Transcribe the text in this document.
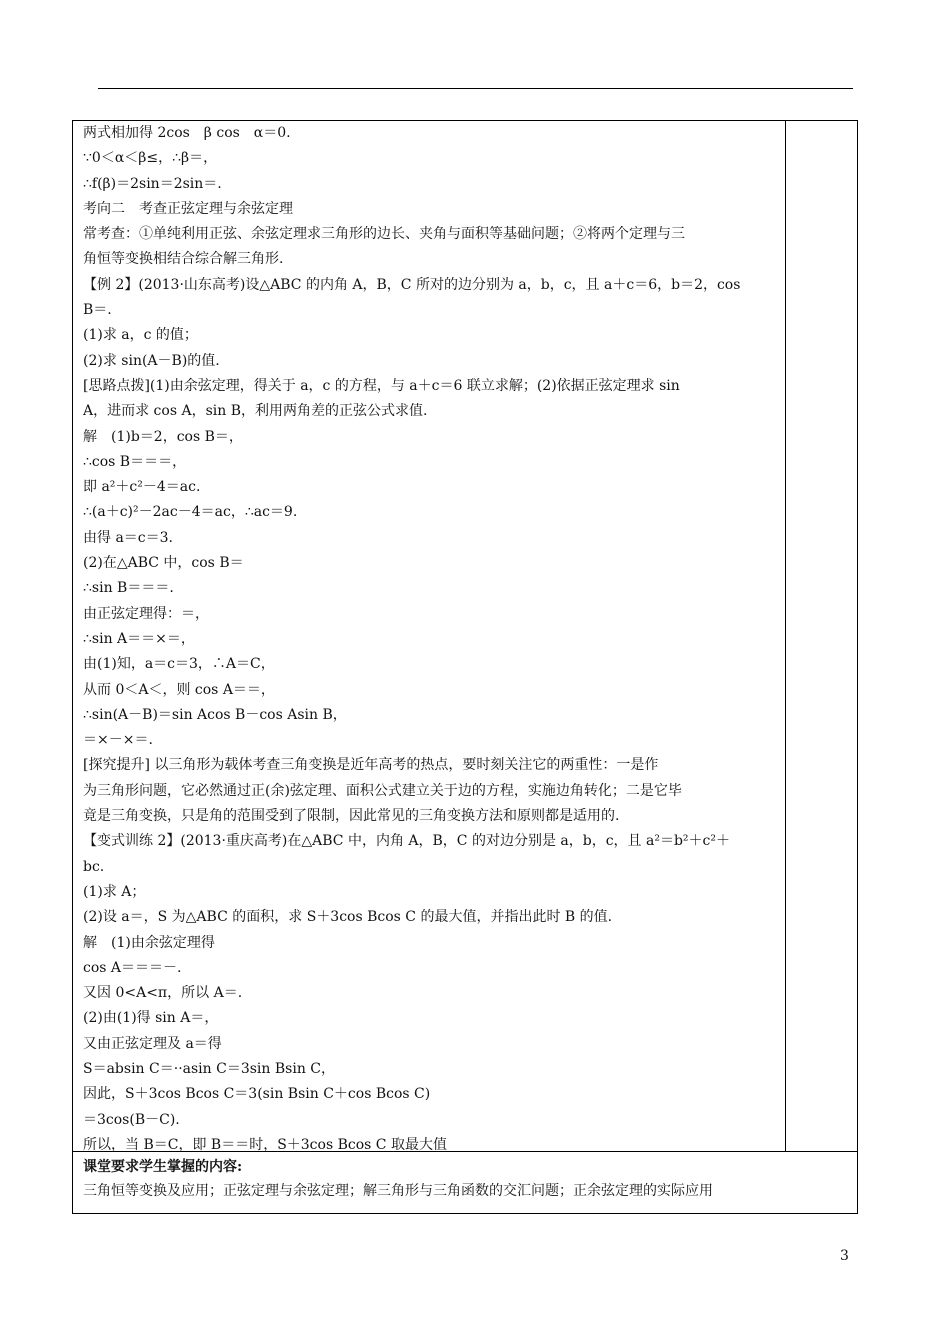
两式相加得 2cos　β cos　α＝0.
∵0＜α＜β≤，∴β＝，
∴f(β)＝2sin＝2sin＝.
考向二　考查正弦定理与余弦定理
常考查：①单纯利用正弦、余弦定理求三角形的边长、夹角与面积等基础问题；②将两个定理与三
角恒等变换相结合综合解三角形.
【例 2】(2013·山东高考)设△ABC 的内角 A，B，C 所对的边分别为 a，b，c，且 a＋c＝6，b＝2，cos
B＝.
(1)求 a，c 的值；
(2)求 sin(A－B)的值.
[思路点拨](1)由余弦定理，得关于 a，c 的方程，与 a＋c＝6 联立求解；(2)依据正弦定理求 sin
A，进而求 cos A，sin B，利用两角差的正弦公式求值.
解　(1)b＝2，cos B＝，
∴cos B＝＝＝，
即 a²＋c²－4＝ac.
∴(a＋c)²－2ac－4＝ac，∴ac＝9.
由得 a＝c＝3.
(2)在△ABC 中，cos B＝
∴sin B＝＝＝.
由正弦定理得：＝，
∴sin A＝＝×＝，
由(1)知，a＝c＝3，∴A＝C，
从而 0＜A＜，则 cos A＝＝，
∴sin(A－B)＝sin Acos B－cos Asin B，
＝×－×＝.
[探究提升] 以三角形为载体考查三角变换是近年高考的热点，要时刻关注它的两重性：一是作
为三角形问题，它必然通过正(余)弦定理、面积公式建立关于边的方程，实施边角转化；二是它毕
竟是三角变换，只是角的范围受到了限制，因此常见的三角变换方法和原则都是适用的.
【变式训练 2】(2013·重庆高考)在△ABC 中，内角 A，B，C 的对边分别是 a，b，c，且 a²＝b²＋c²＋
bc.
(1)求 A；
(2)设 a＝，S 为△ABC 的面积，求 S＋3cos Bcos C 的最大值，并指出此时 B 的值.
解　(1)由余弦定理得
cos A＝＝＝－.
又因 0<A<π，所以 A＝.
(2)由(1)得 sin A＝，
又由正弦定理及 a＝得
S＝absin C＝··asin C＝3sin Bsin C，
因此，S＋3cos Bcos C＝3(sin Bsin C＋cos Bcos C)
＝3cos(B－C).
所以，当 B＝C，即 B＝＝时，S＋3cos Bcos C 取最大值
课堂要求学生掌握的内容:
三角恒等变换及应用；正弦定理与余弦定理；解三角形与三角函数的交汇问题；正余弦定理的实际应用
3
